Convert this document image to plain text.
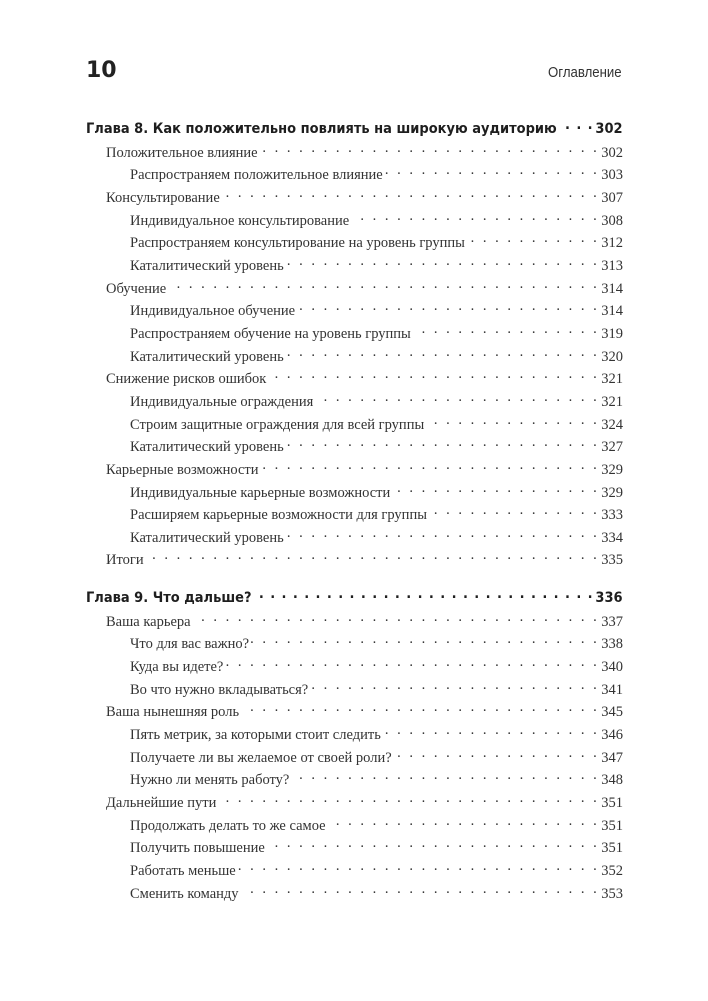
10	Оглавление
Глава 8. Как положительно повлиять на широкую аудиторию . . .	302
Положительное влияние . . .	302
Распространяем положительное влияние . . .	303
Консультирование . . .	307
Индивидуальное консультирование . . .	308
Распространяем консультирование на уровень группы . . .	312
Каталитический уровень . . .	313
Обучение . . .	314
Индивидуальное обучение . . .	314
Распространяем обучение на уровень группы . . .	319
Каталитический уровень . . .	320
Снижение рисков ошибок . . .	321
Индивидуальные ограждения . . .	321
Строим защитные ограждения для всей группы . . .	324
Каталитический уровень . . .	327
Карьерные возможности . . .	329
Индивидуальные карьерные возможности . . .	329
Расширяем карьерные возможности для группы . . .	333
Каталитический уровень . . .	334
Итоги . . .	335
Глава 9. Что дальше? . . .	336
Ваша карьера . . .	337
Что для вас важно? . . .	338
Куда вы идете? . . .	340
Во что нужно вкладываться? . . .	341
Ваша нынешняя роль . . .	345
Пять метрик, за которыми стоит следить . . .	346
Получаете ли вы желаемое от своей роли? . . .	347
Нужно ли менять работу? . . .	348
Дальнейшие пути . . .	351
Продолжать делать то же самое . . .	351
Получить повышение . . .	351
Работать меньше . . .	352
Сменить команду . . .	353
